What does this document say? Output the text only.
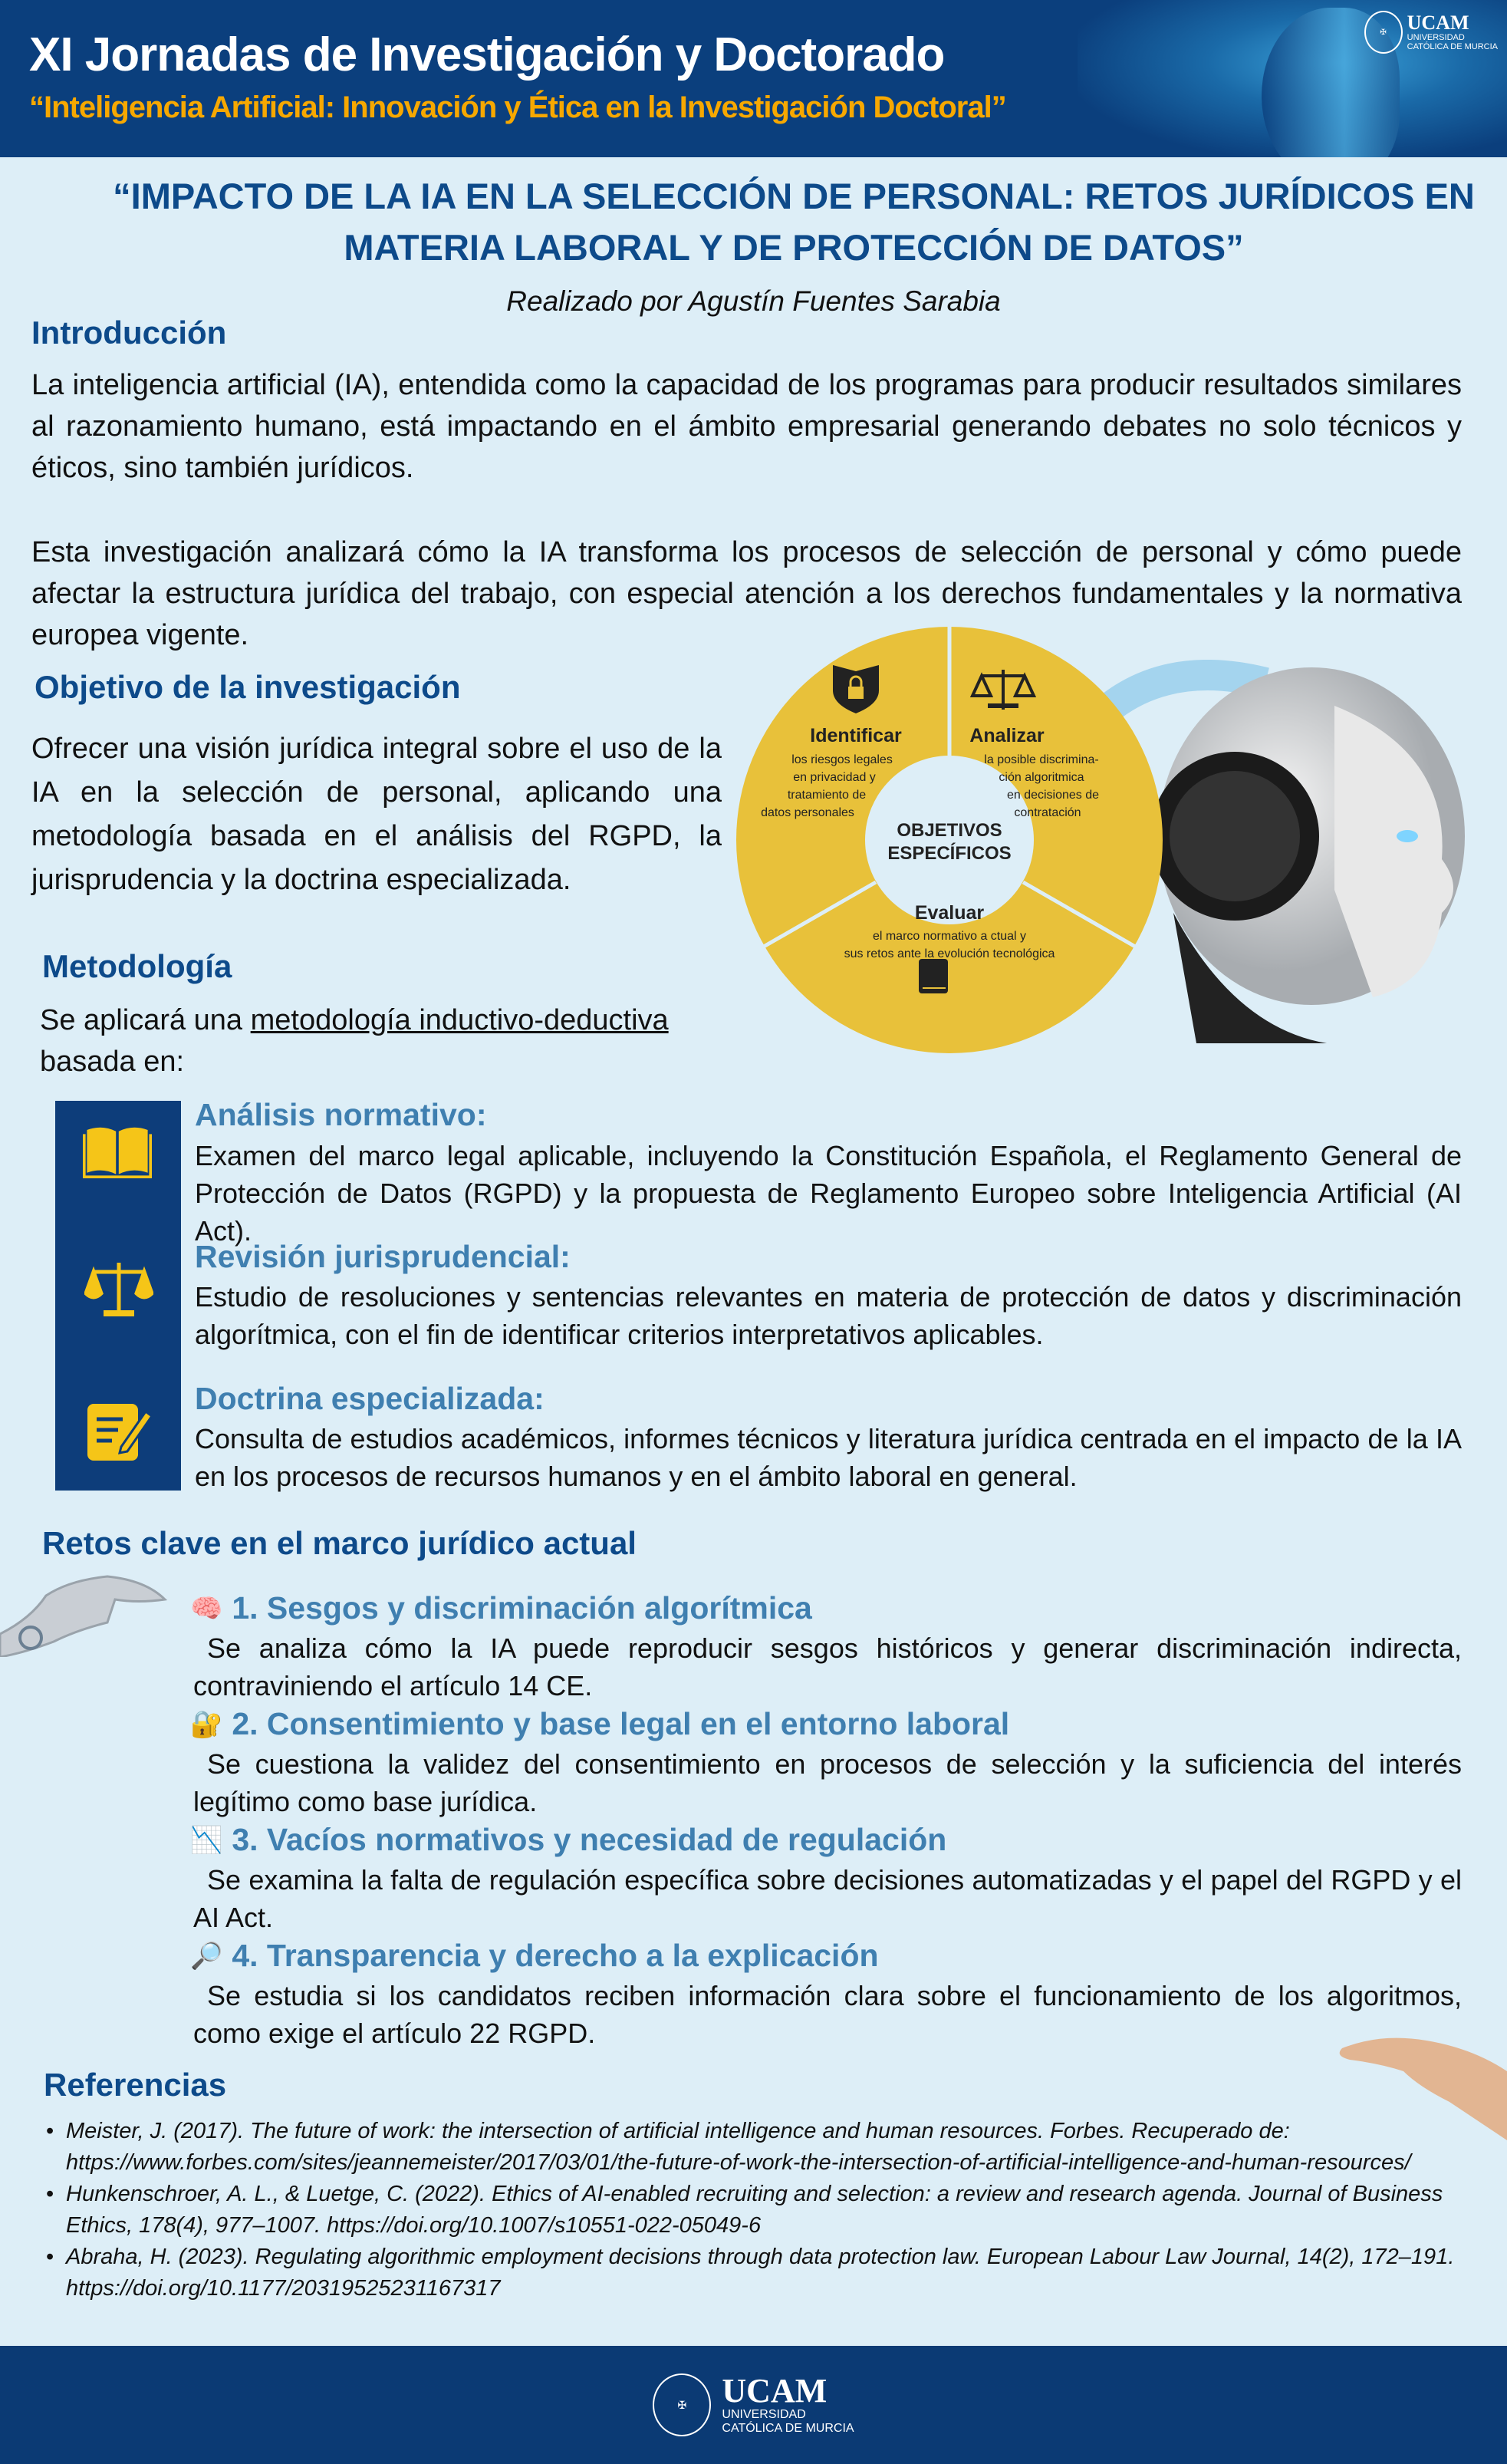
XI Jornadas de Investigación y Doctorado
“Inteligencia Artificial: Innovación y Ética en la Investigación Doctoral”
✠	UCAM
UNIVERSIDAD
CATÓLICA DE MURCIA
“IMPACTO DE LA IA EN LA SELECCIÓN DE PERSONAL: RETOS JURÍDICOS EN MATERIA LABORAL Y DE PROTECCIÓN DE DATOS”
Realizado por Agustín Fuentes Sarabia
Introducción
La inteligencia artificial (IA), entendida como la capacidad de los programas para producir resultados similares al razonamiento humano, está impactando en el ámbito empresarial generando debates no solo técnicos y éticos, sino también jurídicos.
Esta investigación analizará cómo la IA transforma los procesos de selección de personal y cómo puede afectar la estructura jurídica del trabajo, con especial atención a los derechos fundamentales y la normativa europea vigente.
Objetivo de la investigación
Ofrecer una visión jurídica integral sobre el uso de la IA en la selección de personal, aplicando una metodología basada en el análisis del RGPD, la jurisprudencia y la doctrina especializada.
OBJETIVOS
ESPECÍFICOS
Identificar
los riesgos legales
en privacidad y
tratamiento de
datos personales
Analizar
la posible discrimina-
ción algoritmica
en decisiones de
contratación
Evaluar
el marco normativo a ctual y
sus retos ante la evolución tecnológica
Metodología
Se aplicará una metodología inductivo-deductiva
basada en:
Análisis normativo:
Examen del marco legal aplicable, incluyendo la Constitución Española, el Reglamento General de Protección de Datos (RGPD) y la propuesta de Reglamento Europeo sobre Inteligencia Artificial (AI Act).
Revisión jurisprudencial:
Estudio de resoluciones y sentencias relevantes en materia de protección de datos y discriminación algorítmica, con el fin de identificar criterios interpretativos aplicables.
Doctrina especializada:
Consulta de estudios académicos, informes técnicos y literatura jurídica centrada en el impacto de la IA en los procesos de recursos humanos y en el ámbito laboral en general.
Retos clave en el marco jurídico actual
🧠 1. Sesgos y discriminación algorítmica
Se analiza cómo la IA puede reproducir sesgos históricos y generar discriminación indirecta, contraviniendo el artículo 14 CE.
🔐 2. Consentimiento y base legal en el entorno laboral
Se cuestiona la validez del consentimiento en procesos de selección y la suficiencia del interés legítimo como base jurídica.
📉 3. Vacíos normativos y necesidad de regulación
Se examina la falta de regulación específica sobre decisiones automatizadas y el papel del RGPD y el AI Act.
🔎 4. Transparencia y derecho a la explicación
Se estudia si los candidatos reciben información clara sobre el funcionamiento de los algoritmos, como exige el artículo 22 RGPD.
Referencias
• Meister, J. (2017). The future of work: the intersection of artificial intelligence and human resources. Forbes. Recuperado de: https://www.forbes.com/sites/jeannemeister/2017/03/01/the-future-of-work-the-intersection-of-artificial-intelligence-and-human-resources/
• Hunkenschroer, A. L., & Luetge, C. (2022). Ethics of AI-enabled recruiting and selection: a review and research agenda. Journal of Business Ethics, 178(4), 977–1007. https://doi.org/10.1007/s10551-022-05049-6
• Abraha, H. (2023). Regulating algorithmic employment decisions through data protection law. European Labour Law Journal, 14(2), 172–191. https://doi.org/10.1177/20319525231167317
✠	UCAM
UNIVERSIDAD
CATÓLICA DE MURCIA
